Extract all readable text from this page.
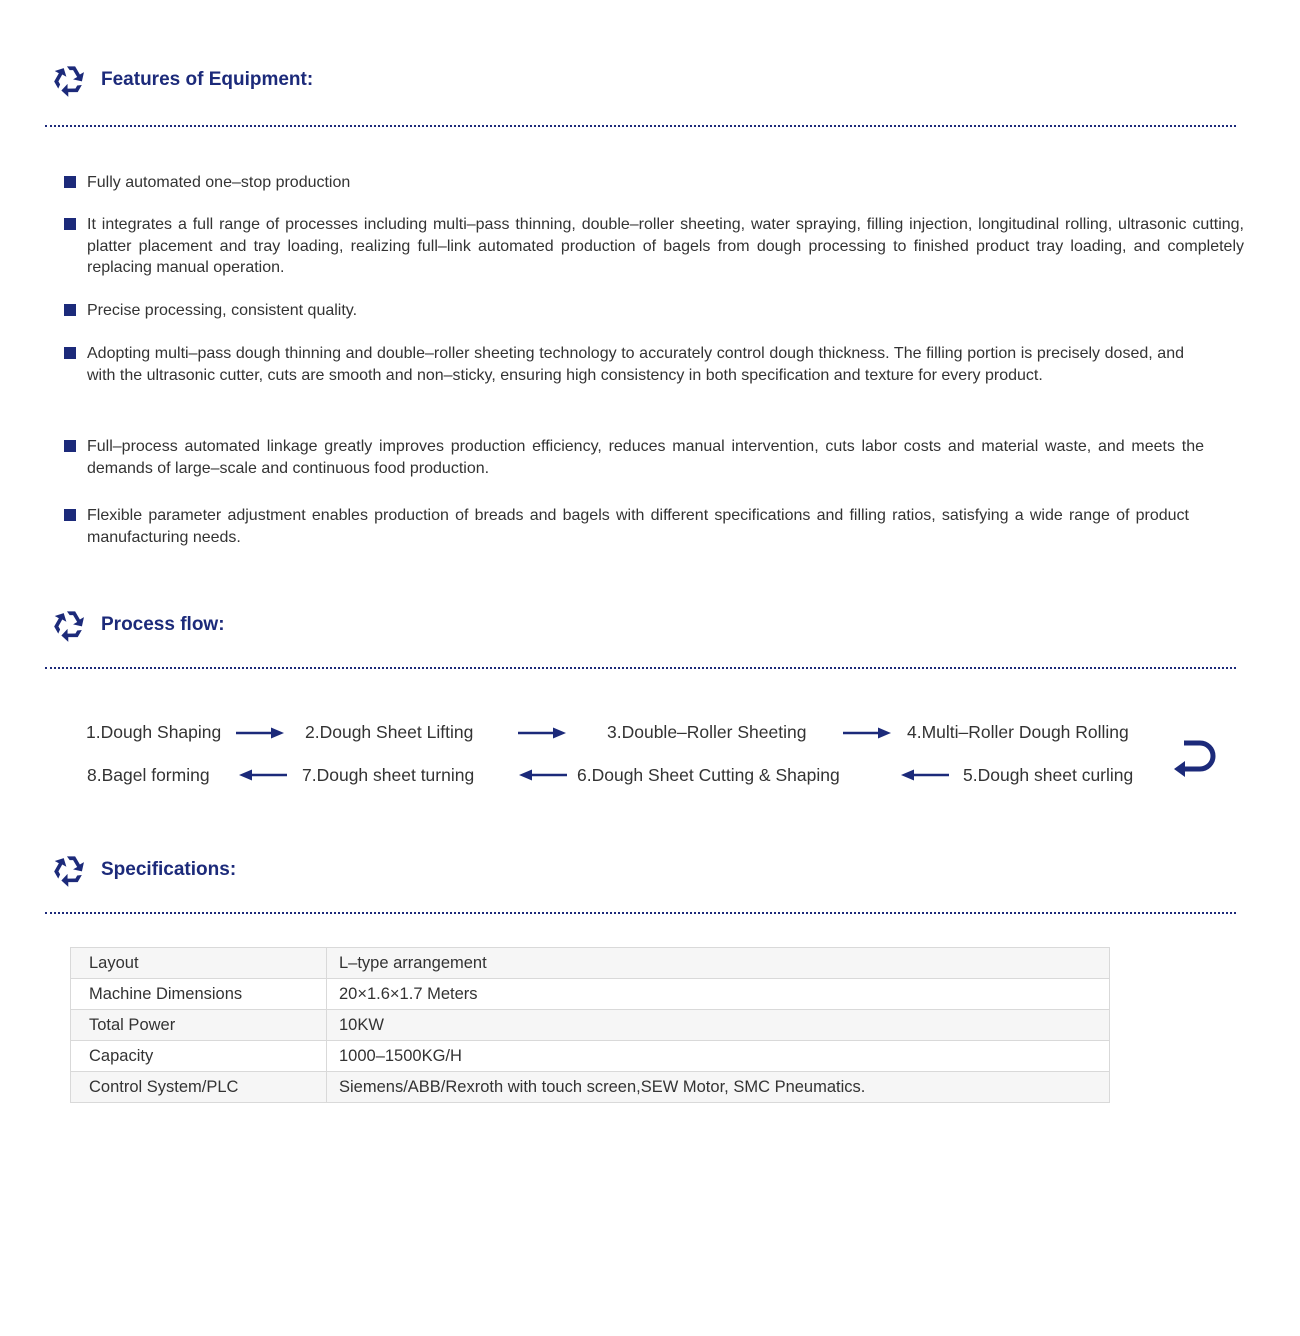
Features of Equipment:
Fully automated one–stop production
It integrates a full range of processes including multi–pass thinning, double–roller sheeting, water spraying, filling injection, longitudinal rolling, ultrasonic cutting, platter placement and tray loading, realizing full–link automated production of bagels from dough processing to finished product tray loading, and completely replacing manual operation.
Precise processing, consistent quality.
Adopting multi–pass dough thinning and double–roller sheeting technology to accurately control dough thickness. The filling portion is precisely dosed, and with the ultrasonic cutter, cuts are smooth and non–sticky, ensuring high consistency in both specification and texture for every product.
Full–process automated linkage greatly improves production efficiency, reduces manual intervention, cuts labor costs and material waste, and meets the demands of large–scale and continuous food production.
Flexible parameter adjustment enables production of breads and bagels with different specifications and filling ratios, satisfying a wide range of product manufacturing needs.
Process flow:
1.Dough Shaping	2.Dough Sheet Lifting	3.Double–Roller Sheeting	4.Multi–Roller Dough Rolling
8.Bagel forming	7.Dough sheet turning	6.Dough Sheet Cutting & Shaping	5.Dough sheet curling
Specifications:
Layout	L–type arrangement
Machine Dimensions	20×1.6×1.7 Meters
Total Power	10KW
Capacity	1000–1500KG/H
Control System/PLC	Siemens/ABB/Rexroth with touch screen,SEW Motor, SMC Pneumatics.
